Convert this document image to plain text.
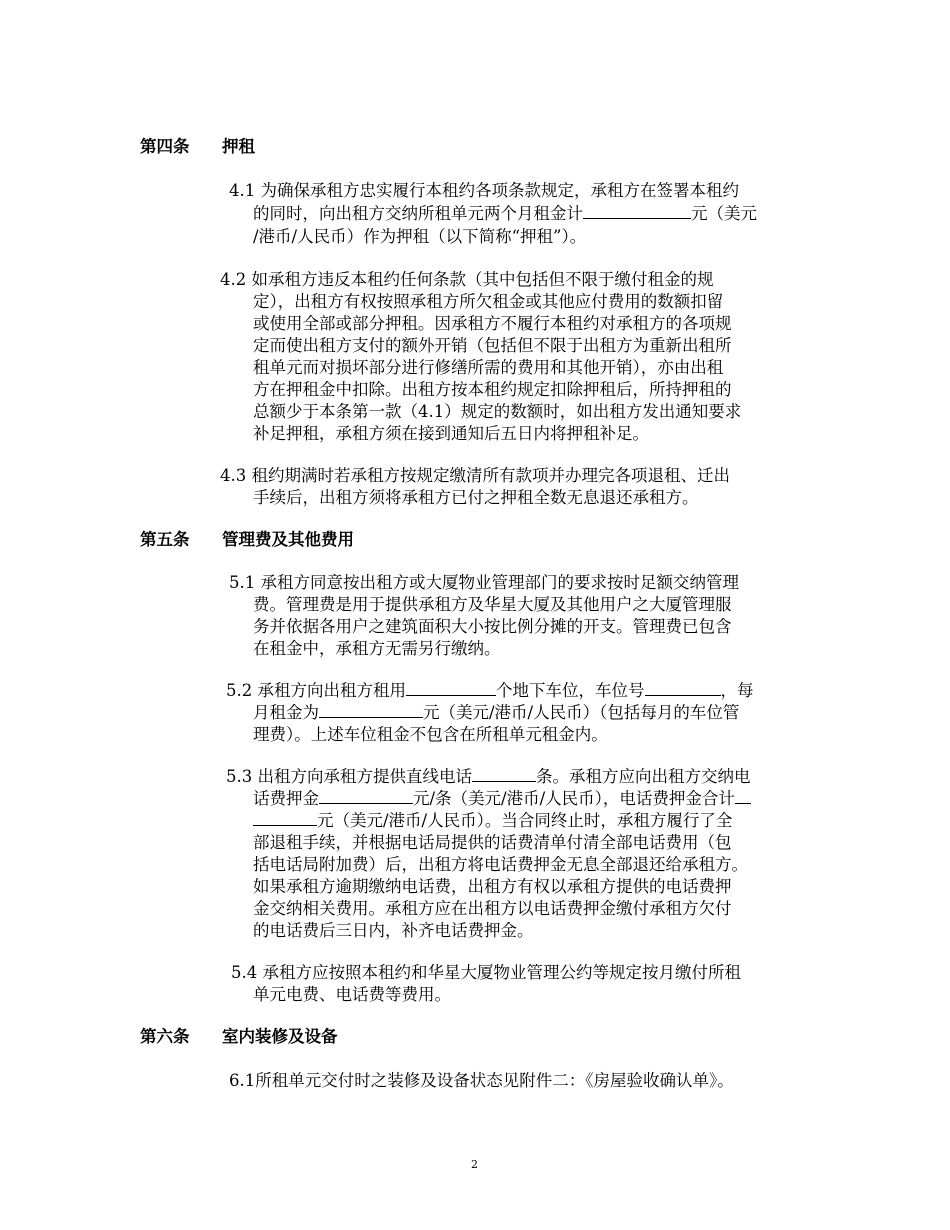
第四条 押租
4.1 为确保承租方忠实履行本租约各项条款规定，承租方在签署本租约
的同时，向出租方交纳所租单元两个月租金计	元（美元
/港币/人民币）作为押租（以下简称“押租”）。
4.2 如承租方违反本租约任何条款（其中包括但不限于缴付租金的规
定），出租方有权按照承租方所欠租金或其他应付费用的数额扣留
或使用全部或部分押租。因承租方不履行本租约对承租方的各项规
定而使出租方支付的额外开销（包括但不限于出租方为重新出租所
租单元而对损坏部分进行修缮所需的费用和其他开销），亦由出租
方在押租金中扣除。出租方按本租约规定扣除押租后，所持押租的
总额少于本条第一款（4.1）规定的数额时，如出租方发出通知要求
补足押租，承租方须在接到通知后五日内将押租补足。
4.3 租约期满时若承租方按规定缴清所有款项并办理完各项退租、迁出
手续后，出租方须将承租方已付之押租全数无息退还承租方。
第五条 管理费及其他费用
5.1 承租方同意按出租方或大厦物业管理部门的要求按时足额交纳管理
费。管理费是用于提供承租方及华星大厦及其他用户之大厦管理服
务并依据各用户之建筑面积大小按比例分摊的开支。管理费已包含
在租金中，承租方无需另行缴纳。
5.2 承租方向出租方租用	个地下车位，车位号	，每
月租金为	元（美元/港币/人民币）（包括每月的车位管
理费）。上述车位租金不包含在所租单元租金内。
5.3 出租方向承租方提供直线电话	条。承租方应向出租方交纳电
话费押金	元/条（美元/港币/人民币），电话费押金合计
元（美元/港币/人民币）。当合同终止时，承租方履行了全
部退租手续，并根据电话局提供的话费清单付清全部电话费用（包
括电话局附加费）后，出租方将电话费押金无息全部退还给承租方。
如果承租方逾期缴纳电话费，出租方有权以承租方提供的电话费押
金交纳相关费用。承租方应在出租方以电话费押金缴付承租方欠付
的电话费后三日内，补齐电话费押金。
5.4 承租方应按照本租约和华星大厦物业管理公约等规定按月缴付所租
单元电费、电话费等费用。
第六条 室内装修及设备
6.1所租单元交付时之装修及设备状态见附件二：《房屋验收确认单》。
2
